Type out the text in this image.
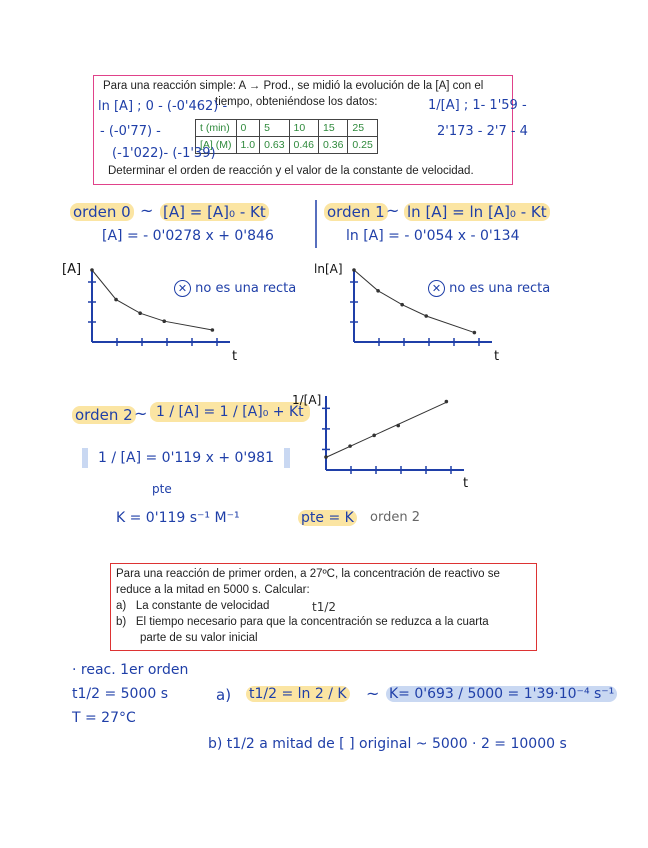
Para una reacción simple: A → Prod., se midió la evolución de la [A] con el
tiempo, obteniéndose los datos:
t (min)	0	5	10	15	25
[A] (M)	1.0	0.63	0.46	0.36	0.25
Determinar el orden de reacción y el valor de la constante de velocidad.
ln [A] ; 0 - (-0'462) -
- (-0'77) -
(-1'022)- (-1'39)
1/[A] ; 1- 1'59 -
2'173 - 2'7 - 4
orden 0 ~ [A] = [A]₀ - Kt
[A] = - 0'0278 x + 0'846
orden 1 ~ ln [A] = ln [A]₀ - Kt
ln [A] = - 0'054 x - 0'134
[A]
t
✕ no es una recta
ln[A]
t
✕ no es una recta
orden 2 ~ 1 / [A] = 1 / [A]₀ + Kt
1 / [A] = 0'119 x + 0'981
pte
K = 0'119 s⁻¹ M⁻¹	pte = K orden 2
1/[A]
t
Para una reacción de primer orden, a 27ºC, la concentración de reactivo se
reduce a la mitad en 5000 s. Calcular:
a) La constante de velocidad	t1/2
b) El tiempo necesario para que la concentración se reduzca a la cuarta
parte de su valor inicial
· reac. 1er orden
t1/2 = 5000 s
T = 27°C
a) t1/2 = ln 2 / K ~ K= 0'693 / 5000 = 1'39·10⁻⁴ s⁻¹
b) t1/2 a mitad de [ ] original ~ 5000 · 2 = 10000 s
